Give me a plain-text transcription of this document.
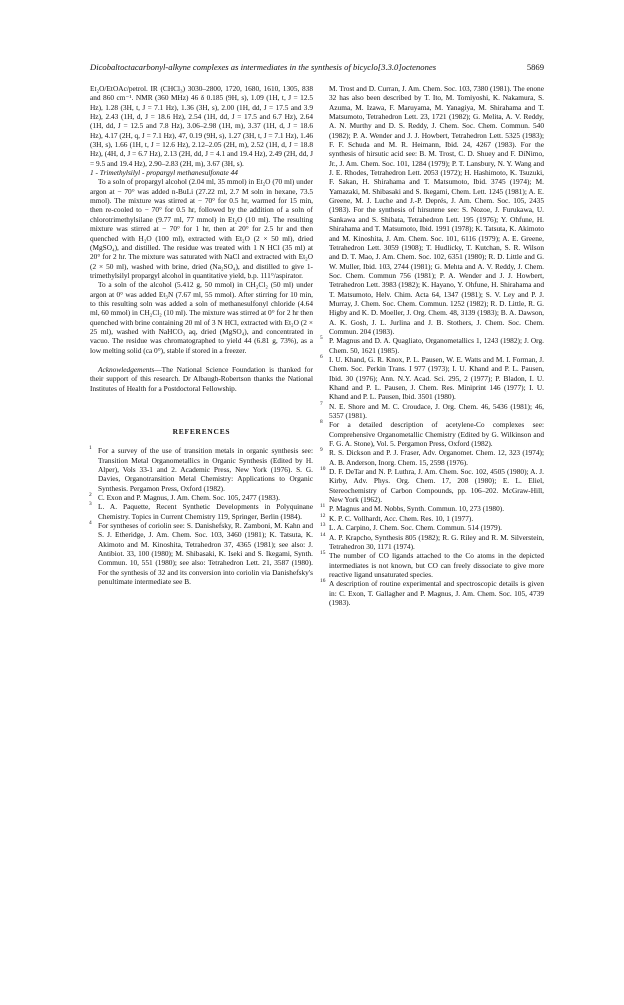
Dicobaltoctacarbonyl-alkyne complexes as intermediates in the synthesis of bicyclo[3.3.0]octenones	5869

Et₂O/EtOAc/petrol. IR (CHCl₃) 3030–2800, 1720, 1680, 1610, 1305, 838 and 860 cm⁻¹. NMR (360 MHz) 46 δ 0.185 (9H, s), 1.09 (1H, t, J = 12.5 Hz), 1.28 (3H, t, J = 7.1 Hz), 1.36 (3H, s), 2.00 (1H, dd, J = 17.5 and 3.9 Hz), 2.43 (1H, d, J = 18.6 Hz), 2.54 (1H, dd, J = 17.5 and 6.7 Hz), 2.64 (1H, dd, J = 12.5 and 7.8 Hz), 3.06–2.98 (1H, m), 3.37 (1H, d, J = 18.6 Hz), 4.17 (2H, q, J = 7.1 Hz), 47, 0.19 (9H, s), 1.27 (3H, t, J = 7.1 Hz), 1.46 (3H, s), 1.66 (1H, t, J = 12.6 Hz), 2.12–2.05 (2H, m), 2.52 (1H, d, J = 18.8 Hz), (4H, d, J = 6.7 Hz), 2.13 (2H, dd, J = 4.1 and 19.4 Hz), 2.49 (2H, dd, J = 9.5 and 19.4 Hz), 2.90–2.83 (2H, m), 3.67 (3H, s).

1 - Trimethylsilyl - propargyl methanesulfonate 44

To a soln of propargyl alcohol (2.04 ml, 35 mmol) in Et₂O (70 ml) under argon at − 70° was added n-BuLi (27.22 ml, 2.7 M soln in hexane, 73.5 mmol). The mixture was stirred at − 70° for 0.5 hr, warmed for 15 min, then re-cooled to − 70° for 0.5 hr, followed by the addition of a soln of chlorotrimethylsilane (9.77 ml, 77 mmol) in Et₂O (10 ml). The resulting mixture was stirred at − 70° for 1 hr, then at 20° for 2.5 hr and then quenched with H₂O (100 ml), extracted with Et₂O (2 × 50 ml), dried (MgSO₄), and distilled. The residue was treated with 1 N HCl (35 ml) at 20° for 2 hr. The mixture was saturated with NaCl and extracted with Et₂O (2 × 50 ml), washed with brine, dried (Na₂SO₄), and distilled to give 1-trimethylsilyl propargyl alcohol in quantitative yield, b.p. 111°/aspirator.

To a soln of the alcohol (5.412 g, 50 mmol) in CH₂Cl₂ (50 ml) under argon at 0° was added Et₃N (7.67 ml, 55 mmol). After stirring for 10 min, to this resulting soln was added a soln of methanesulfonyl chloride (4.64 ml, 60 mmol) in CH₂Cl₂ (10 ml). The mixture was stirred at 0° for 2 hr then quenched with brine containing 20 ml of 3 N HCl, extracted with Et₂O (2 × 25 ml), washed with NaHCO₃ aq, dried (MgSO₄), and concentrated in vacuo. The residue was chromatographed to yield 44 (6.81 g, 73%), as a low melting solid (ca 0°), stable if stored in a freezer.

Acknowledgements—The National Science Foundation is thanked for their support of this research. Dr Albaugh-Robertson thanks the National Institutes of Health for a Postdoctoral Fellowship.

REFERENCES

1 For a survey of the use of transition metals in organic synthesis see: Transition Metal Organometallics in Organic Synthesis (Edited by H. Alper), Vols 33-1 and 2. Academic Press, New York (1976). S. G. Davies, Organotransition Metal Chemistry: Applications to Organic Synthesis. Pergamon Press, Oxford (1982).

2 C. Exon and P. Magnus, J. Am. Chem. Soc. 105, 2477 (1983).

3 L. A. Paquette, Recent Synthetic Developments in Polyquinane Chemistry. Topics in Current Chemistry 119, Springer, Berlin (1984).

4 For syntheses of coriolin see: S. Danishefsky, R. Zamboni, M. Kahn and S. J. Etheridge, J. Am. Chem. Soc. 103, 3460 (1981); K. Tatsuta, K. Akimoto and M. Kinoshita, Tetrahedron 37, 4365 (1981); see also: J. Antibiot. 33, 100 (1980); M. Shibasaki, K. Iseki and S. Ikegami, Synth. Commun. 10, 551 (1980); see also: Tetrahedron Lett. 21, 3587 (1980). For the synthesis of 32 and its conversion into coriolin via Danishefsky's penultimate intermediate see B.

M. Trost and D. Curran, J. Am. Chem. Soc. 103, 7380 (1981). The enone 32 has also been described by T. Ito, M. Tomiyoshi, K. Nakamura, S. Azuma, M. Izawa, F. Maruyama, M. Yanagiya, M. Shirahama and T. Matsumoto, Tetrahedron Lett. 23, 1721 (1982); G. Melita, A. V. Reddy, A. N. Murthy and D. S. Reddy, J. Chem. Soc. Chem. Commun. 540 (1982); P. A. Wender and J. J. Howbert, Tetrahedron Lett. 5325 (1983); F. F. Schuda and M. R. Heimann, Ibid. 24, 4267 (1983). For the synthesis of hirsutic acid see: B. M. Trost, C. D. Shuey and F. DiNimo, Jr., J. Am. Chem. Soc. 101, 1284 (1979); P. T. Lansbury, N. Y. Wang and J. E. Rhodes, Tetrahedron Lett. 2053 (1972); H. Hashimoto, K. Tsuzuki, F. Sakan, H. Shirahama and T. Matsumoto, Ibid. 3745 (1974); M. Yamazaki, M. Shibasaki and S. Ikegami, Chem. Lett. 1245 (1981); A. E. Greene, M. J. Luche and J.-P. Deprés, J. Am. Chem. Soc. 105, 2435 (1983). For the synthesis of hirsutene see: S. Nozoe, J. Furukawa, U. Sankawa and S. Shibata, Tetrahedron Lett. 195 (1976); Y. Ohfune, H. Shirahama and T. Matsumoto, Ibid. 1991 (1978); K. Tatsuta, K. Akimoto and M. Kinoshita, J. Am. Chem. Soc. 101, 6116 (1979); A. E. Greene, Tetrahedron Lett. 3059 (1908); T. Hudlicky, T. Kutchan, S. R. Wilson and D. T. Mao, J. Am. Chem. Soc. 102, 6351 (1980); R. D. Little and G. W. Muller, Ibid. 103, 2744 (1981); G. Mehta and A. V. Reddy, J. Chem. Soc. Chem. Commun 756 (1981); P. A. Wender and J. J. Howbert, Tetrahedron Lett. 3983 (1982); K. Hayano, Y. Ohfune, H. Shirahama and T. Matsumoto, Helv. Chim. Acta 64, 1347 (1981); S. V. Ley and P. J. Murray, J. Chem. Soc. Chem. Commun. 1252 (1982); R. D. Little, R. G. Higby and K. D. Moeller, J. Org. Chem. 48, 3139 (1983); B. A. Dawson, A. K. Gosh, J. L. Jurlina and J. B. Stothers, J. Chem. Soc. Chem. Commun. 204 (1983).

5 P. Magnus and D. A. Quagliato, Organometallics 1, 1243 (1982); J. Org. Chem. 50, 1621 (1985).

6 I. U. Khand, G. R. Knox, P. L. Pausen, W. E. Watts and M. I. Forman, J. Chem. Soc. Perkin Trans. I 977 (1973); I. U. Khand and P. L. Pausen, Ibid. 30 (1976); Ann. N.Y. Acad. Sci. 295, 2 (1977); P. Bladon, I. U. Khand and P. L. Pausen, J. Chem. Res. Miniprint 146 (1977); I. U. Khand and P. L. Pausen, Ibid. 3501 (1980).

7 N. E. Shore and M. C. Croudace, J. Org. Chem. 46, 5436 (1981); 46, 5357 (1981).

8 For a detailed description of acetylene-Co complexes see: Comprehensive Organometallic Chemistry (Edited by G. Wilkinson and F. G. A. Stone), Vol. 5. Pergamon Press, Oxford (1982).

9 R. S. Dickson and P. J. Fraser, Adv. Organomet. Chem. 12, 323 (1974); A. B. Anderson, Inorg. Chem. 15, 2598 (1976).

10 D. F. DeTar and N. P. Luthra, J. Am. Chem. Soc. 102, 4505 (1980); A. J. Kirby, Adv. Phys. Org. Chem. 17, 208 (1980); E. L. Eliel, Stereochemistry of Carbon Compounds, pp. 106–202. McGraw-Hill, New York (1962).

11 P. Magnus and M. Nobbs, Synth. Commun. 10, 273 (1980).

12 K. P. C. Vollhardt, Acc. Chem. Res. 10, 1 (1977).

13 L. A. Carpino, J. Chem. Soc. Chem. Commun. 514 (1979).

14 A. P. Krapcho, Synthesis 805 (1982); R. G. Riley and R. M. Silverstein, Tetrahedron 30, 1171 (1974).

15 The number of CO ligands attached to the Co atoms in the depicted intermediates is not known, but CO can freely dissociate to give more reactive ligand unsaturated species.

16 A description of routine experimental and spectroscopic details is given in: C. Exon, T. Gallagher and P. Magnus, J. Am. Chem. Soc. 105, 4739 (1983).
